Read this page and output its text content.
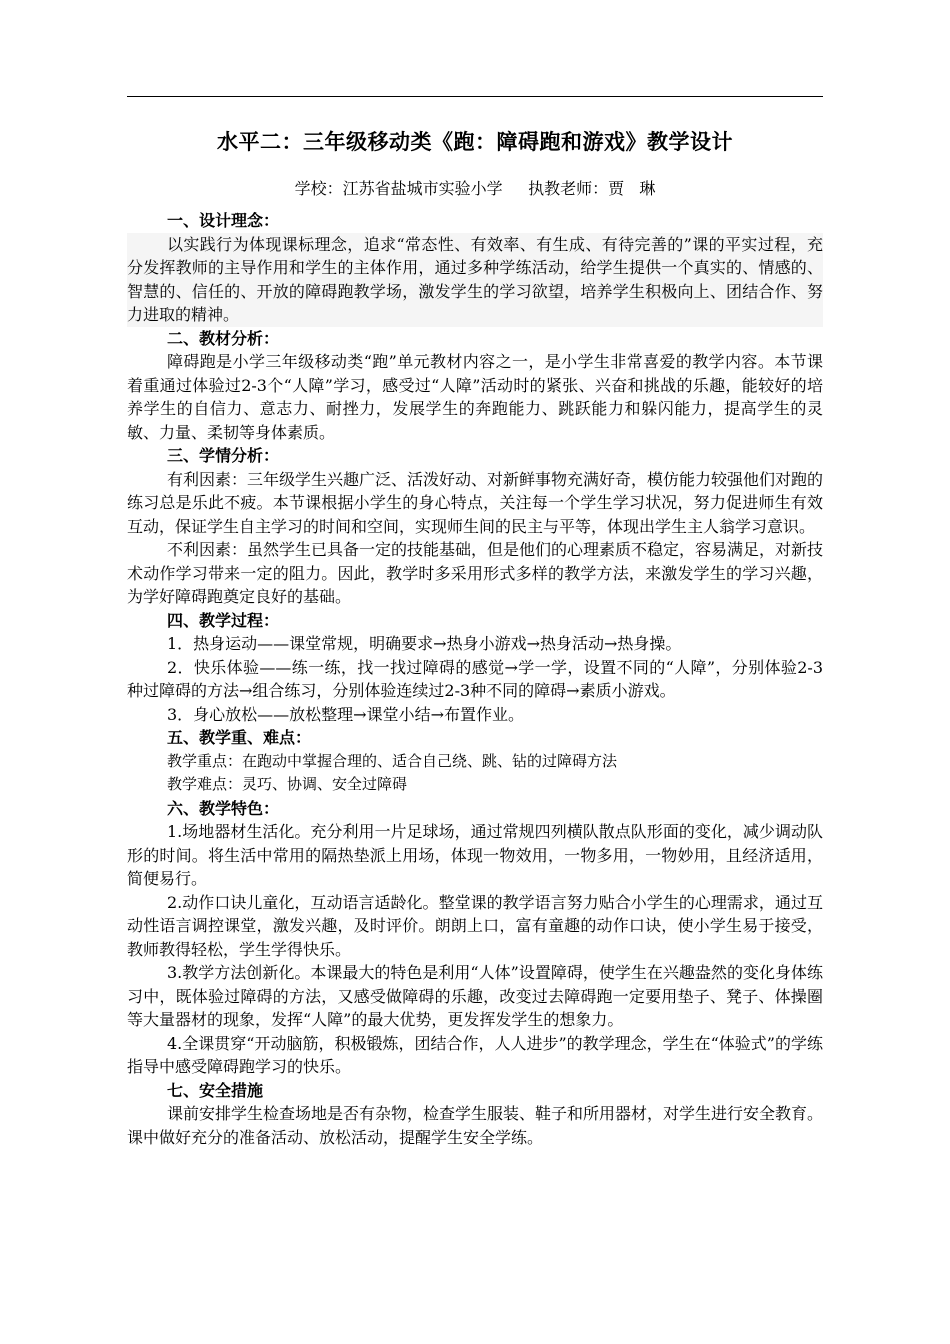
水平二：三年级移动类《跑：障碍跑和游戏》教学设计
学校：江苏省盐城市实验小学     执教老师：贾   琳
一、设计理念：
以实践行为体现课标理念，追求“常态性、有效率、有生成、有待完善的”课的平实过程，充分发挥教师的主导作用和学生的主体作用，通过多种学练活动，给学生提供一个真实的、情感的、智慧的、信任的、开放的障碍跑教学场，激发学生的学习欲望，培养学生积极向上、团结合作、努力进取的精神。
二、教材分析：
障碍跑是小学三年级移动类“跑”单元教材内容之一，是小学生非常喜爱的教学内容。本节课着重通过体验过2-3个“人障”学习，感受过“人障”活动时的紧张、兴奋和挑战的乐趣，能较好的培养学生的自信力、意志力、耐挫力，发展学生的奔跑能力、跳跃能力和躲闪能力，提高学生的灵敏、力量、柔韧等身体素质。
三、学情分析：
有利因素：三年级学生兴趣广泛、活泼好动、对新鲜事物充满好奇，模仿能力较强他们对跑的练习总是乐此不疲。本节课根据小学生的身心特点，关注每一个学生学习状况，努力促进师生有效互动，保证学生自主学习的时间和空间，实现师生间的民主与平等，体现出学生主人翁学习意识。
不利因素：虽然学生已具备一定的技能基础，但是他们的心理素质不稳定，容易满足，对新技术动作学习带来一定的阻力。因此，教学时多采用形式多样的教学方法，来激发学生的学习兴趣，为学好障碍跑奠定良好的基础。
四、教学过程：
1．热身运动——课堂常规，明确要求→热身小游戏→热身活动→热身操。
2．快乐体验——练一练，找一找过障碍的感觉→学一学，设置不同的“人障”，分别体验2-3种过障碍的方法→组合练习，分别体验连续过2-3种不同的障碍→素质小游戏。
3．身心放松——放松整理→课堂小结→布置作业。
五、教学重、难点：
教学重点：在跑动中掌握合理的、适合自己绕、跳、钻的过障碍方法
教学难点：灵巧、协调、安全过障碍
六、教学特色：
1.场地器材生活化。充分利用一片足球场，通过常规四列横队散点队形面的变化，减少调动队形的时间。将生活中常用的隔热垫派上用场，体现一物效用，一物多用，一物妙用，且经济适用，简便易行。
2.动作口诀儿童化，互动语言适龄化。整堂课的教学语言努力贴合小学生的心理需求，通过互动性语言调控课堂，激发兴趣，及时评价。朗朗上口，富有童趣的动作口诀，使小学生易于接受，教师教得轻松，学生学得快乐。
3.教学方法创新化。本课最大的特色是利用“人体”设置障碍，使学生在兴趣盎然的变化身体练习中，既体验过障碍的方法，又感受做障碍的乐趣，改变过去障碍跑一定要用垫子、凳子、体操圈等大量器材的现象，发挥“人障”的最大优势，更发挥发学生的想象力。
4.全课贯穿“开动脑筋，积极锻炼，团结合作，人人进步”的教学理念，学生在“体验式”的学练指导中感受障碍跑学习的快乐。
七、安全措施
课前安排学生检查场地是否有杂物，检查学生服装、鞋子和所用器材，对学生进行安全教育。课中做好充分的准备活动、放松活动，提醒学生安全学练。
